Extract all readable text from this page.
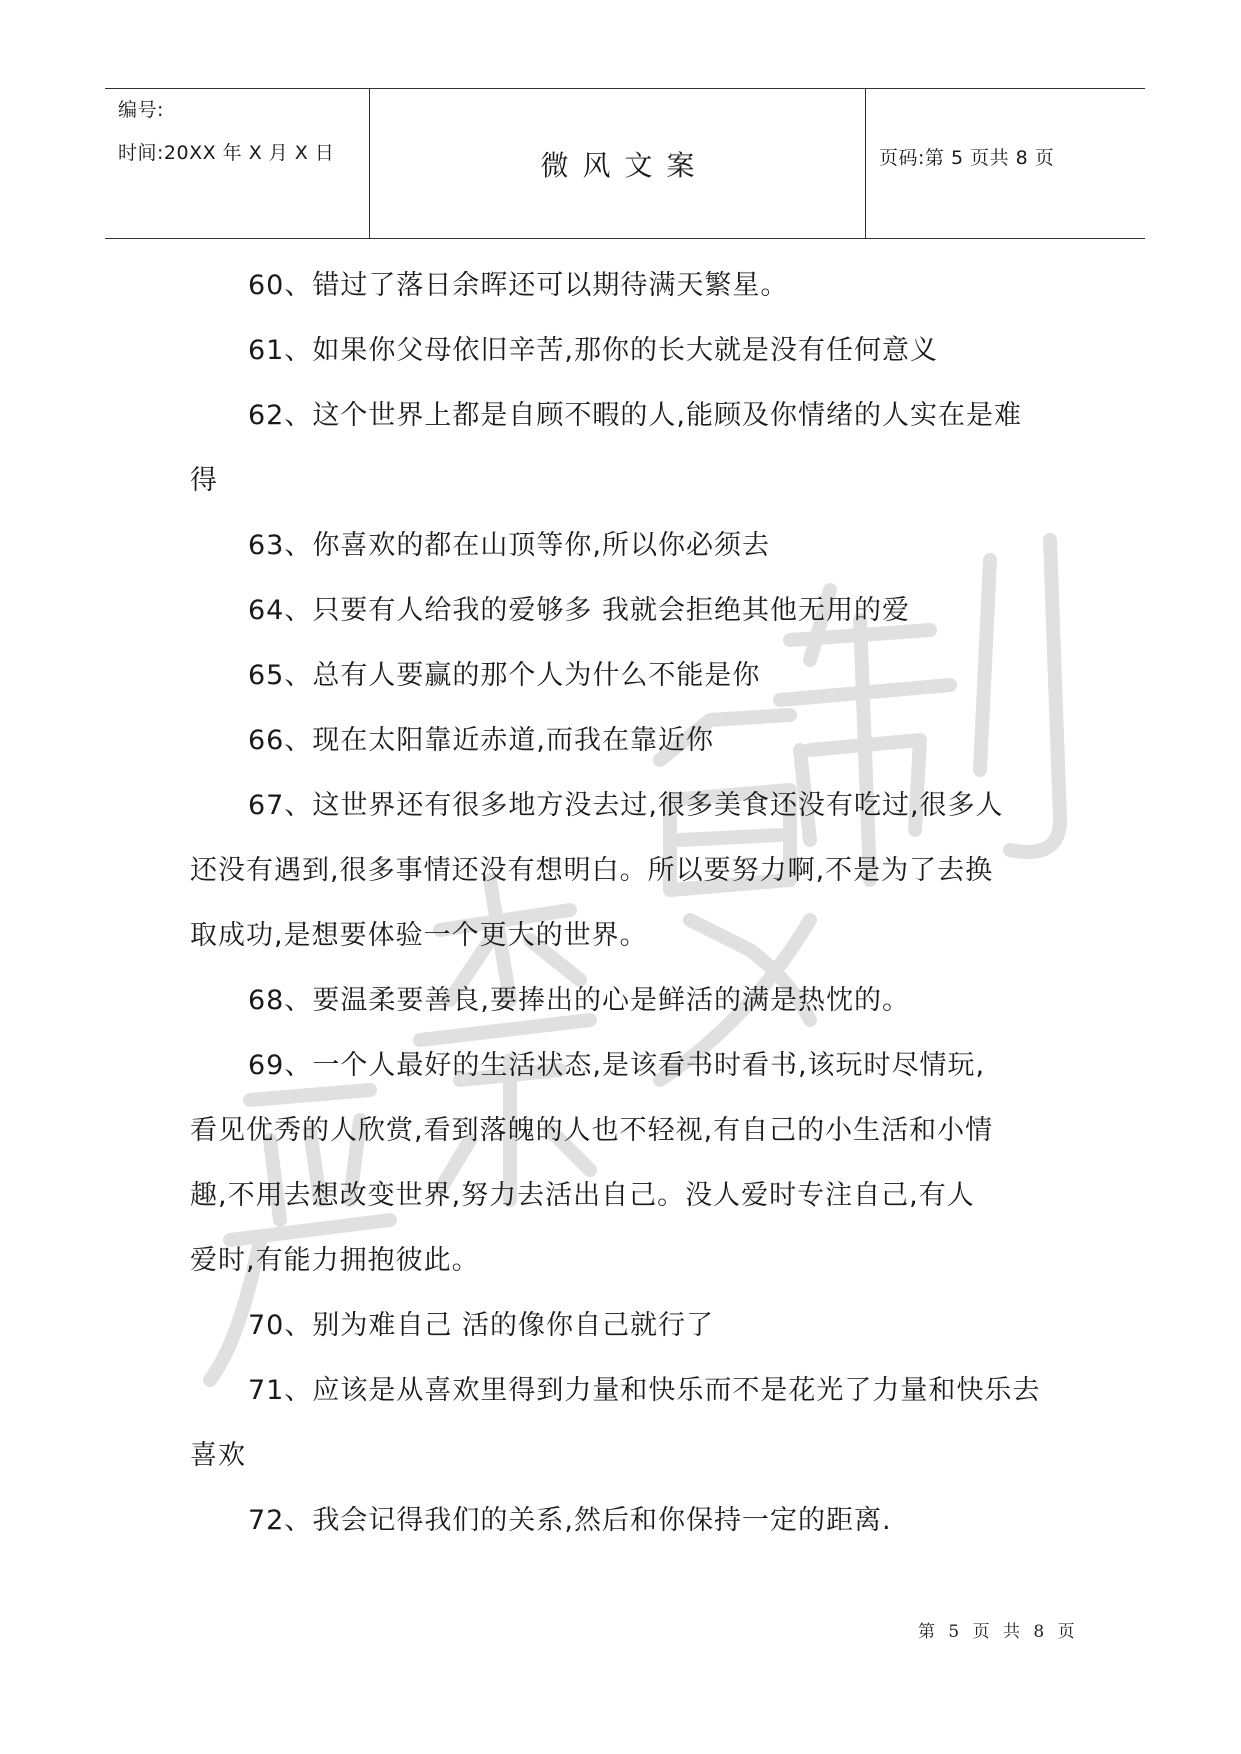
编号:
时间:20XX 年 X 月 X 日	微风文案	页码:第 5 页共 8 页
60、错过了落日余晖还可以期待满天繁星。
61、如果你父母依旧辛苦,那你的长大就是没有任何意义
62、这个世界上都是自顾不暇的人,能顾及你情绪的人实在是难
得
63、你喜欢的都在山顶等你,所以你必须去
64、只要有人给我的爱够多 我就会拒绝其他无用的爱
65、总有人要赢的那个人为什么不能是你
66、现在太阳靠近赤道,而我在靠近你
67、这世界还有很多地方没去过,很多美食还没有吃过,很多人
还没有遇到,很多事情还没有想明白。所以要努力啊,不是为了去换
取成功,是想要体验一个更大的世界。
68、要温柔要善良,要捧出的心是鲜活的满是热忱的。
69、一个人最好的生活状态,是该看书时看书,该玩时尽情玩,
看见优秀的人欣赏,看到落魄的人也不轻视,有自己的小生活和小情
趣,不用去想改变世界,努力去活出自己。没人爱时专注自己,有人
爱时,有能力拥抱彼此。
70、别为难自己 活的像你自己就行了
71、应该是从喜欢里得到力量和快乐而不是花光了力量和快乐去
喜欢
72、我会记得我们的关系,然后和你保持一定的距离.
第 5 页 共 8 页
